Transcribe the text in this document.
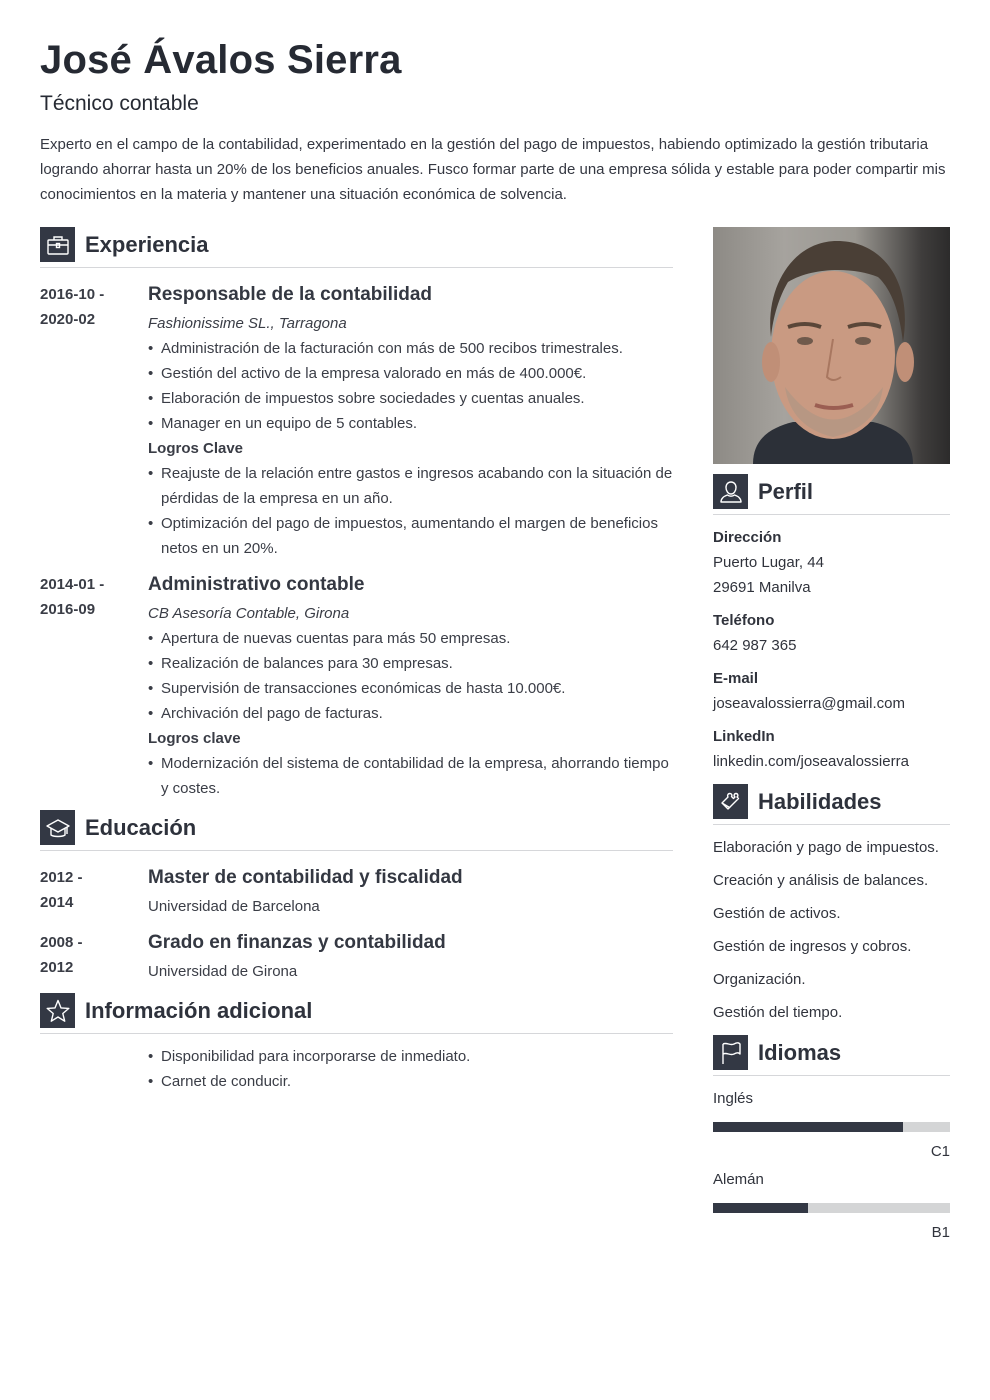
José Ávalos Sierra
Técnico contable
Experto en el campo de la contabilidad, experimentado en la gestión del pago de impuestos, habiendo optimizado la gestión tributaria logrando ahorrar hasta un 20% de los beneficios anuales. Fusco formar parte de una empresa sólida y estable para poder compartir mis conocimientos en la materia y mantener una situación económica de solvencia.
Experiencia
2016-10 -
2020-02
Responsable de la contabilidad
Fashionissime SL., Tarragona
• Administración de la facturación con más de 500 recibos trimestrales.
• Gestión del activo de la empresa valorado en más de 400.000€.
• Elaboración de impuestos sobre sociedades y cuentas anuales.
• Manager en un equipo de 5 contables.
Logros Clave
• Reajuste de la relación entre gastos e ingresos acabando con la situación de pérdidas de la empresa en un año.
• Optimización del pago de impuestos, aumentando el margen de beneficios netos en un 20%.
2014-01 -
2016-09
Administrativo contable
CB Asesoría Contable, Girona
• Apertura de nuevas cuentas para más 50 empresas.
• Realización de balances para 30 empresas.
• Supervisión de transacciones económicas de hasta 10.000€.
• Archivación del pago de facturas.
Logros clave
• Modernización del sistema de contabilidad de la empresa, ahorrando tiempo y costes.
Educación
2012 -
2014
Master de contabilidad y fiscalidad
Universidad de Barcelona
2008 -
2012
Grado en finanzas y contabilidad
Universidad de Girona
Información adicional
• Disponibilidad para incorporarse de inmediato.
• Carnet de conducir.
Perfil
Dirección
Puerto Lugar, 44
29691 Manilva
Teléfono
642 987 365
E-mail
joseavalossierra@gmail.com
LinkedIn
linkedin.com/joseavalossierra
Habilidades
Elaboración y pago de impuestos.
Creación y análisis de balances.
Gestión de activos.
Gestión de ingresos y cobros.
Organización.
Gestión del tiempo.
Idiomas
Inglés
C1
Alemán
B1
